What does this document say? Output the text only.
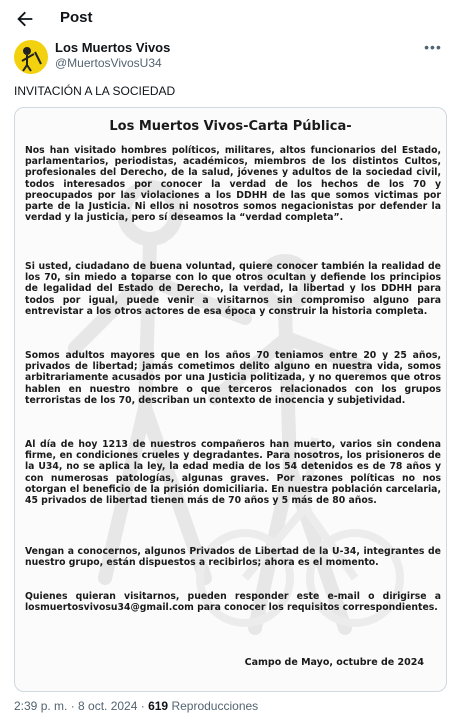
Post
Los Muertos Vivos
@MuertosVivosU34
•••
INVITACIÓN A LA SOCIEDAD
Los Muertos Vivos-Carta Pública-
Nos han visitado hombres políticos, militares, altos funcionarios del Estado, parlamentarios, periodistas, académicos, miembros de los distintos Cultos, profesionales del Derecho, de la salud, jóvenes y adultos de la sociedad civil, todos interesados por conocer la verdad de los hechos de los 70 y preocupados por las violaciones a los DDHH de las que somos victimas por parte de la Justicia. Ni ellos ni nosotros somos negacionistas por defender la verdad y la justicia, pero sí deseamos la “verdad completa”.
Si usted, ciudadano de buena voluntad, quiere conocer también la realidad de los 70, sin miedo a toparse con lo que otros ocultan y defiende los principios de legalidad del Estado de Derecho, la verdad, la libertad y los DDHH para todos por igual, puede venir a visitarnos sin compromiso alguno para entrevistar a los otros actores de esa época y construir la historia completa.
Somos adultos mayores que en los años 70 teniamos entre 20 y 25 años, privados de libertad; jamás cometimos delito alguno en nuestra vida, somos arbitrariamente acusados por una Justicia politizada, y no queremos que otros hablen en nuestro nombre o que terceros relacionados con los grupos terroristas de los 70, describan un contexto de inocencia y subjetividad.
Al día de hoy 1213 de nuestros compañeros han muerto, varios sin condena firme, en condiciones crueles y degradantes. Para nosotros, los prisioneros de la U34, no se aplica la ley, la edad media de los 54 detenidos es de 78 años y con numerosas patologías, algunas graves. Por razones políticas no nos otorgan el beneficio de la prisión domiciliaria. En nuestra población carcelaria, 45 privados de libertad tienen más de 70 años y 5 más de 80 años.
Vengan a conocernos, algunos Privados de Libertad de la U-34, integrantes de nuestro grupo, están dispuestos a recibirlos; ahora es el momento.
Quienes quieran visitarnos, pueden responder este e-mail o dirigirse a losmuertosvivosu34@gmail.com para conocer los requisitos correspondientes.
Campo de Mayo, octubre de 2024
2:39 p. m. · 8 oct. 2024 · 619 Reproducciones
